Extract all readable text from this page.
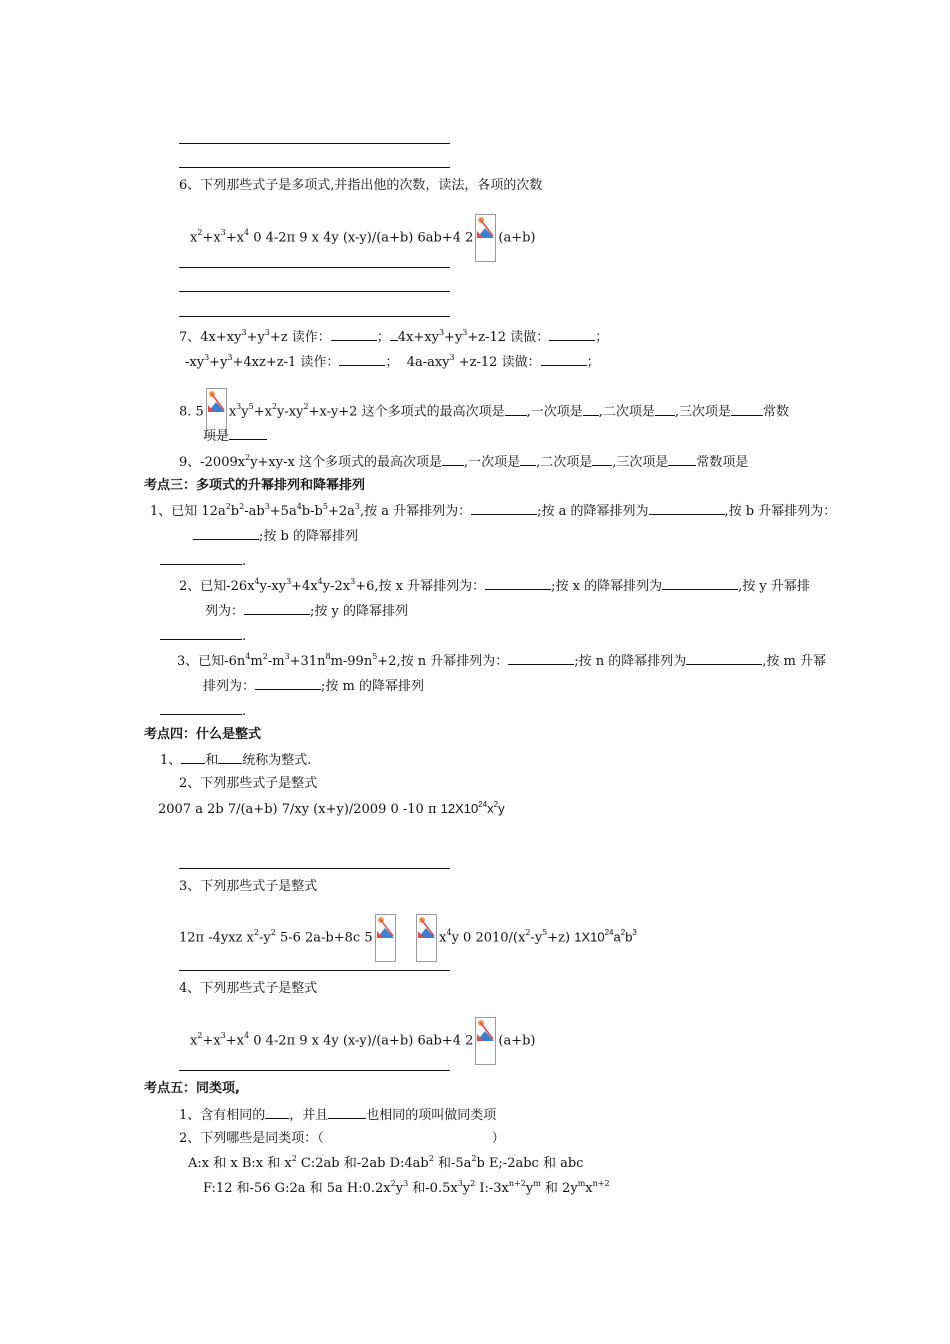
6、下列那些式子是多项式,并指出他的次数，读法，各项的次数
$x^2+x^3+x^4$ 0 4-2π 9 x 4y (x-y)/(a+b) 6ab+4 2 (a+b)
7、$4x+xy^3+y^3+z$ 读作：	； $4x+xy^3+y^3+z-12$ 读做：	；
$-xy^3+y^3+4xz+z-1$ 读作：	； 4a-axy$^3$ +z-12 读做：	；
8. 5 $x^3y^5+x^2y-xy^2+x-y+2$ 这个多项式的最高次项是 ,一次项是 ,二次项是 ,三次项是 常数
项是
9、$-2009x^2y+xy-x$ 这个多项式的最高次项是 ,一次项是 ,二次项是 ,三次项是 常数项是
考点三：多项式的升幂排列和降幂排列
1、已知 $12a^2b^2-ab^3+5a^4b-b^5+2a^3$,按 a 升幂排列为：	;按 a 的降幂排列为	,按 b 升幂排列为：
;按 b 的降幂排列
.
2、已知$-26x^4y-xy^3+4x^4y-2x^3+6$,按 x 升幂排列为：	;按 x 的降幂排列为	,按 y 升幂排
列为：	;按 y 的降幂排列
.
3、已知$-6n^4m^2-m^3+31n^8m-99n^5+2$,按 n 升幂排列为：	;按 n 的降幂排列为	,按 m 升幂
排列为：	;按 m 的降幂排列
.
考点四：什么是整式
1、 和 统称为整式.
2、下列那些式子是整式
2007 a 2b 7/(a+b) 7/xy (x+y)/2009 0 -10 π $12X10^{24}x^2y$
3、下列那些式子是整式
12π -4yxz $x^2-y^2$ 5-6 2a-b+8c 5
	$x^4y$ 0 $2010/(x^2-y^5+z)$ $1X10^{24}a^2b^3$
4、下列那些式子是整式
$x^2+x^3+x^4$ 0 4-2π 9 x 4y (x-y)/(a+b) 6ab+4 2 (a+b)
考点五：同类项,
1、含有相同的 ，并且	也相同的项叫做同类项
2、下列哪些是同类项：（	）
A:x 和 x B:x 和 $x^2$ C:2ab 和-2ab $D:4ab^2$ 和$-5a^2b$ E;-2abc 和 abc
F:12 和-56 G:2a 和 5a $H:0.2x^2y^3$ 和$-0.5x^3y^2$ $I:-3x^{n+2}y^m$ 和 $2y^mx^{n+2}$
